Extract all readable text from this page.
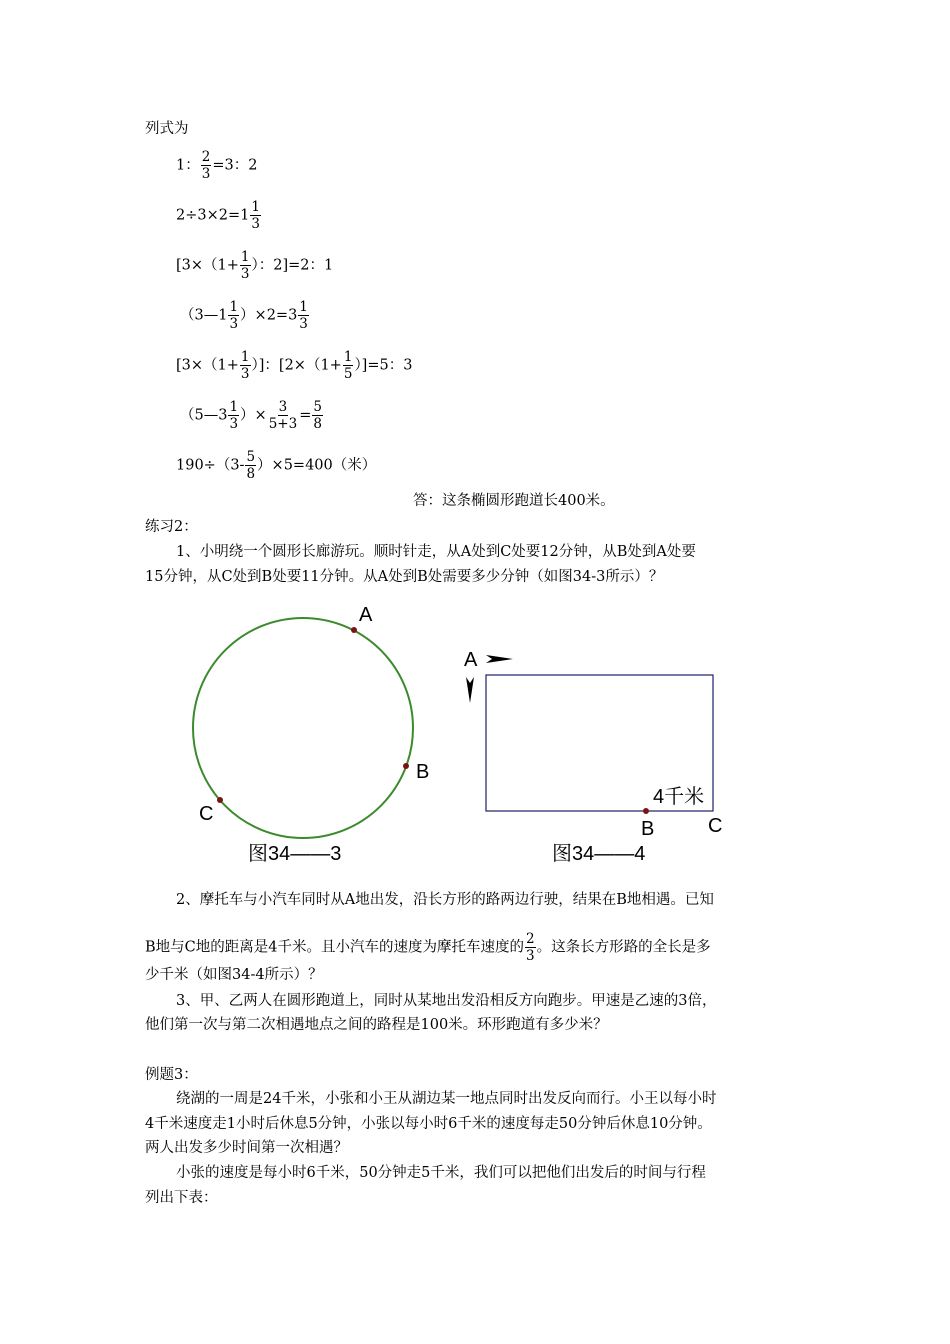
列式为
1： $\frac{2}{3} =3$：2
$2\div 3\times 2=1 \frac{1}{3}$
[$3\times(1+ \frac{1}{3}$ ）：2]=2：1
（3—1 $\frac{1}{3} )\times 2=3 \frac{1}{3}$
[$3\times(1+ \frac{1}{3}$ ）]：$[2\times(1+ \frac{1}{5} )]=5$：3
（5—3 $\frac{1}{3}$ ）× $\frac{3}{5+3} = \frac{5}{8}$
$190\div(3- \frac{5}{8} )\times 5=400$（米）
答：这条椭圆形跑道长400米。
练习2：
1、小明绕一个圆形长廊游玩。顺时针走，从A处到C处要12分钟，从B处到A处要
15分钟，从C处到B处要11分钟。从A处到B处需要多少分钟（如图34-3所示）？
A
B
C
图34——3
A
4千米
B	C
图34——4
2、摩托车与小汽车同时从A地出发，沿长方形的路两边行驶，结果在B地相遇。已知
B地与C地的距离是4千米。且小汽车的速度为摩托车速度的 $\frac{2}{3}$ 。这条长方形路的全长是多
少千米（如图34-4所示）？
3、甲、乙两人在圆形跑道上，同时从某地出发沿相反方向跑步。甲速是乙速的3倍，
他们第一次与第二次相遇地点之间的路程是100米。环形跑道有多少米？
例题3：
绕湖的一周是24千米，小张和小王从湖边某一地点同时出发反向而行。小王以每小时
4千米速度走1小时后休息5分钟，小张以每小时6千米的速度每走50分钟后休息10分钟。
两人出发多少时间第一次相遇？
小张的速度是每小时6千米，50分钟走5千米，我们可以把他们出发后的时间与行程
列出下表：
